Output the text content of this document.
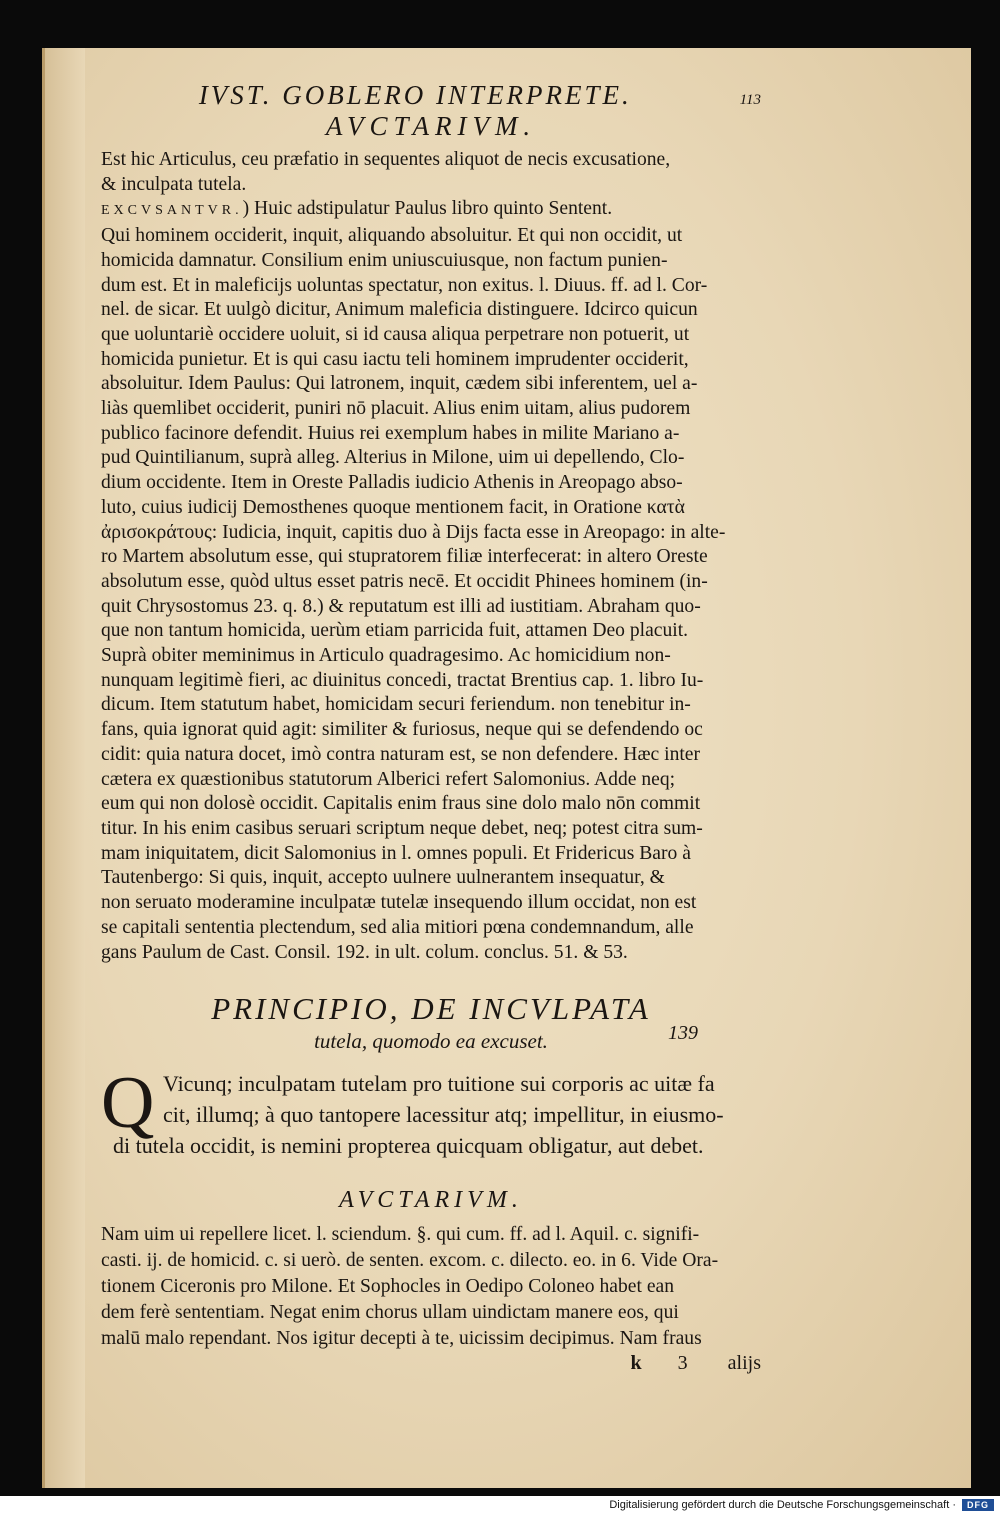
IVST. GOBLERO INTERPRETE.	113
AVCTARIVM.
Est hic Articulus, ceu præfatio in sequentes aliquot de necis excusatione,
& inculpata tutela.
EXCVSANTVR.) Huic adstipulatur Paulus libro quinto Sentent.
Qui hominem occiderit, inquit, aliquando absoluitur. Et qui non occidit, ut
homicida damnatur. Consilium enim uniuscuiusque, non factum punien-
dum est. Et in maleficijs uoluntas spectatur, non exitus. l. Diuus. ff. ad l. Cor-
nel. de sicar. Et uulgò dicitur, Animum maleficia distinguere. Idcirco quicun
que uoluntariè occidere uoluit, si id causa aliqua perpetrare non potuerit, ut
homicida punietur. Et is qui casu iactu teli hominem imprudenter occiderit,
absoluitur. Idem Paulus: Qui latronem, inquit, cædem sibi inferentem, uel a-
liàs quemlibet occiderit, puniri nō placuit. Alius enim uitam, alius pudorem
publico facinore defendit. Huius rei exemplum habes in milite Mariano a-
pud Quintilianum, suprà alleg. Alterius in Milone, uim ui depellendo, Clo-
dium occidente. Item in Oreste Palladis iudicio Athenis in Areopago abso-
luto, cuius iudicij Demosthenes quoque mentionem facit, in Oratione κατὰ
ἀρισοκράτους: Iudicia, inquit, capitis duo à Dijs facta esse in Areopago: in alte-
ro Martem absolutum esse, qui stupratorem filiæ interfecerat: in altero Oreste
absolutum esse, quòd ultus esset patris necē. Et occidit Phinees hominem (in-
quit Chrysostomus 23. q. 8.) & reputatum est illi ad iustitiam. Abraham quo-
que non tantum homicida, uerùm etiam parricida fuit, attamen Deo placuit.
Suprà obiter meminimus in Articulo quadragesimo. Ac homicidium non-
nunquam legitimè fieri, ac diuinitus concedi, tractat Brentius cap. 1. libro Iu-
dicum. Item statutum habet, homicidam securi feriendum. non tenebitur in-
fans, quia ignorat quid agit: similiter & furiosus, neque qui se defendendo oc
cidit: quia natura docet, imò contra naturam est, se non defendere. Hæc inter
cætera ex quæstionibus statutorum Alberici refert Salomonius. Adde neq;
eum qui non dolosè occidit. Capitalis enim fraus sine dolo malo nōn commit
titur. In his enim casibus seruari scriptum neque debet, neq; potest citra sum-
mam iniquitatem, dicit Salomonius in l. omnes populi. Et Fridericus Baro à
Tautenbergo: Si quis, inquit, accepto uulnere uulnerantem insequatur, &
non seruato moderamine inculpatæ tutelæ insequendo illum occidat, non est
se capitali sententia plectendum, sed alia mitiori pœna condemnandum, alle
gans Paulum de Cast. Consil. 192. in ult. colum. conclus. 51. & 53.
PRINCIPIO, DE INCVLPATA
tutela, quomodo ea excuset.
Q Vicunq; inculpatam tutelam pro tuitione sui corporis ac uitæ fa
cit, illumq; à quo tantopere lacessitur atq; impellitur, in eiusmo-
di tutela occidit, is nemini propterea quicquam obligatur, aut debet.
AVCTARIVM.
Nam uim ui repellere licet. l. sciendum. §. qui cum. ff. ad l. Aquil. c. signifi-
casti. ij. de homicid. c. si uerò. de senten. excom. c. dilecto. eo. in 6. Vide Ora-
tionem Ciceronis pro Milone. Et Sophocles in Oedipo Coloneo habet ean
dem ferè sententiam. Negat enim chorus ullam uindictam manere eos, qui
malū malo rependant. Nos igitur decepti à te, uicissim decipimus. Nam fraus
k 3 alijs
139
Digitalisierung gefördert durch die Deutsche Forschungsgemeinschaft ·	DFG
